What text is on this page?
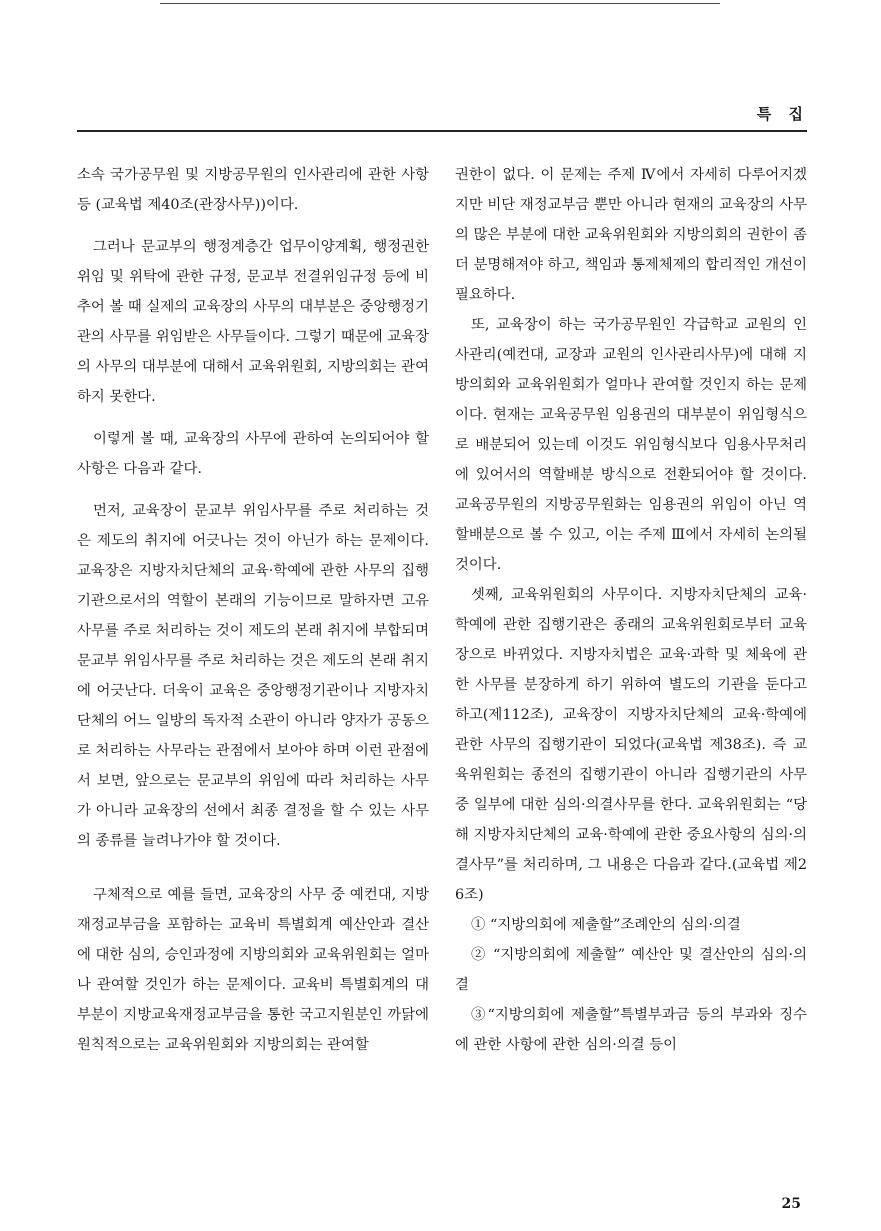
특 집

소속 국가공무원 및 지방공무원의 인사관리에 관한 사항 등 (교육법 제40조(관장사무))이다.

그러나 문교부의 행정계층간 업무이양계획, 행정권한위임 및 위탁에 관한 규정, 문교부 전결위임규정 등에 비추어 볼 때 실제의 교육장의 사무의 대부분은 중앙행정기관의 사무를 위임받은 사무들이다. 그렇기 때문에 교육장의 사무의 대부분에 대해서 교육위원회, 지방의회는 관여하지 못한다.

이렇게 볼 때, 교육장의 사무에 관하여 논의되어야 할 사항은 다음과 같다.

먼저, 교육장이 문교부 위임사무를 주로 처리하는 것은 제도의 취지에 어긋나는 것이 아닌가 하는 문제이다. 교육장은 지방자치단체의 교육·학예에 관한 사무의 집행기관으로서의 역할이 본래의 기능이므로 말하자면 고유사무를 주로 처리하는 것이 제도의 본래 취지에 부합되며 문교부 위임사무를 주로 처리하는 것은 제도의 본래 취지에 어긋난다. 더욱이 교육은 중앙행정기관이나 지방자치단체의 어느 일방의 독자적 소관이 아니라 양자가 공동으로 처리하는 사무라는 관점에서 보아야 하며 이런 관점에서 보면, 앞으로는 문교부의 위임에 따라 처리하는 사무가 아니라 교육장의 선에서 최종 결정을 할 수 있는 사무의 종류를 늘려나가야 할 것이다.

구체적으로 예를 들면, 교육장의 사무 중 예컨대, 지방재정교부금을 포함하는 교육비 특별회계 예산안과 결산에 대한 심의, 승인과정에 지방의회와 교육위원회는 얼마나 관여할 것인가 하는 문제이다. 교육비 특별회계의 대부분이 지방교육재정교부금을 통한 국고지원분인 까닭에 원칙적으로는 교육위원회와 지방의회는 관여할

권한이 없다. 이 문제는 주제 Ⅳ에서 자세히 다루어지겠지만 비단 재정교부금 뿐만 아니라 현재의 교육장의 사무의 많은 부분에 대한 교육위원회와 지방의회의 권한이 좀 더 분명해져야 하고, 책임과 통제체제의 합리적인 개선이 필요하다.

또, 교육장이 하는 국가공무원인 각급학교 교원의 인사관리(예컨대, 교장과 교원의 인사관리사무)에 대해 지방의회와 교육위원회가 얼마나 관여할 것인지 하는 문제이다. 현재는 교육공무원 임용권의 대부분이 위임형식으로 배분되어 있는데 이것도 위임형식보다 임용사무처리에 있어서의 역할배분 방식으로 전환되어야 할 것이다. 교육공무원의 지방공무원화는 임용권의 위임이 아닌 역할배분으로 볼 수 있고, 이는 주제 Ⅲ에서 자세히 논의될 것이다.

셋째, 교육위원회의 사무이다. 지방자치단체의 교육·학예에 관한 집행기관은 종래의 교육위원회로부터 교육장으로 바뀌었다. 지방자치법은 교육·과학 및 체육에 관한 사무를 분장하게 하기 위하여 별도의 기관을 둔다고 하고(제112조), 교육장이 지방자치단체의 교육·학예에 관한 사무의 집행기관이 되었다(교육법 제38조). 즉 교육위원회는 종전의 집행기관이 아니라 집행기관의 사무중 일부에 대한 심의·의결사무를 한다. 교육위원회는 “당해 지방자치단체의 교육·학예에 관한 중요사항의 심의·의결사무”를 처리하며, 그 내용은 다음과 같다.(교육법 제26조)

① “지방의회에 제출할”조례안의 심의·의결

② “지방의회에 제출할” 예산안 및 결산안의 심의·의결

③“지방의회에 제출할”특별부과금 등의 부과와 징수에 관한 사항에 관한 심의·의결 등이

25
